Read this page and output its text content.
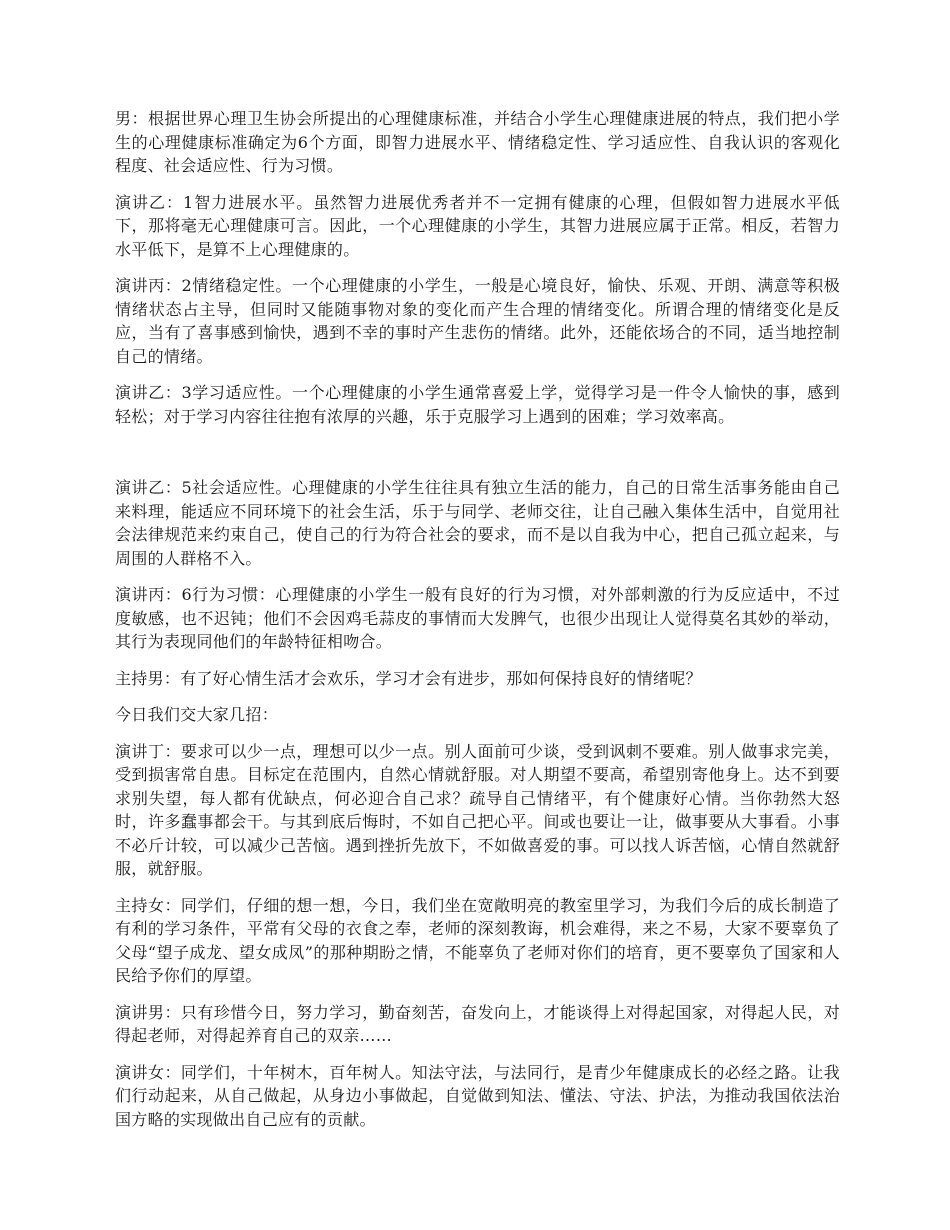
男：根据世界心理卫生协会所提出的心理健康标准，并结合小学生心理健康进展的特点，我们把小学生的心理健康标准确定为6个方面，即智力进展水平、情绪稳定性、学习适应性、自我认识的客观化程度、社会适应性、行为习惯。

演讲乙：1智力进展水平。虽然智力进展优秀者并不一定拥有健康的心理，但假如智力进展水平低下，那将毫无心理健康可言。因此，一个心理健康的小学生，其智力进展应属于正常。相反，若智力水平低下，是算不上心理健康的。

演讲丙：2情绪稳定性。一个心理健康的小学生，一般是心境良好，愉快、乐观、开朗、满意等积极情绪状态占主导，但同时又能随事物对象的变化而产生合理的情绪变化。所谓合理的情绪变化是反应，当有了喜事感到愉快，遇到不幸的事时产生悲伤的情绪。此外，还能依场合的不同，适当地控制自己的情绪。

演讲乙：3学习适应性。一个心理健康的小学生通常喜爱上学，觉得学习是一件令人愉快的事，感到轻松；对于学习内容往往抱有浓厚的兴趣，乐于克服学习上遇到的困难；学习效率高。

演讲乙：5社会适应性。心理健康的小学生往往具有独立生活的能力，自己的日常生活事务能由自己来料理，能适应不同环境下的社会生活，乐于与同学、老师交往，让自己融入集体生活中，自觉用社会法律规范来约束自己，使自己的行为符合社会的要求，而不是以自我为中心，把自己孤立起来，与周围的人群格不入。

演讲丙：6行为习惯：心理健康的小学生一般有良好的行为习惯，对外部刺激的行为反应适中，不过度敏感，也不迟钝；他们不会因鸡毛蒜皮的事情而大发脾气，也很少出现让人觉得莫名其妙的举动，其行为表现同他们的年龄特征相吻合。

主持男：有了好心情生活才会欢乐，学习才会有进步，那如何保持良好的情绪呢？

今日我们交大家几招：

演讲丁：要求可以少一点，理想可以少一点。别人面前可少谈，受到讽刺不要难。别人做事求完美，受到损害常自患。目标定在范围内，自然心情就舒服。对人期望不要高，希望别寄他身上。达不到要求别失望，每人都有优缺点，何必迎合自己求？疏导自己情绪平，有个健康好心情。当你勃然大怒时，许多蠢事都会干。与其到底后悔时，不如自己把心平。间或也要让一让，做事要从大事看。小事不必斤计较，可以减少己苦恼。遇到挫折先放下，不如做喜爱的事。可以找人诉苦恼，心情自然就舒服，就舒服。

主持女：同学们，仔细的想一想，今日，我们坐在宽敞明亮的教室里学习，为我们今后的成长制造了有利的学习条件，平常有父母的衣食之奉，老师的深刻教诲，机会难得，来之不易，大家不要辜负了父母“望子成龙、望女成凤”的那种期盼之情，不能辜负了老师对你们的培育，更不要辜负了国家和人民给予你们的厚望。

演讲男：只有珍惜今日，努力学习，勤奋刻苦，奋发向上，才能谈得上对得起国家，对得起人民，对得起老师，对得起养育自己的双亲……

演讲女：同学们，十年树木，百年树人。知法守法，与法同行，是青少年健康成长的必经之路。让我们行动起来，从自己做起，从身边小事做起，自觉做到知法、懂法、守法、护法，为推动我国依法治国方略的实现做出自己应有的贡献。
